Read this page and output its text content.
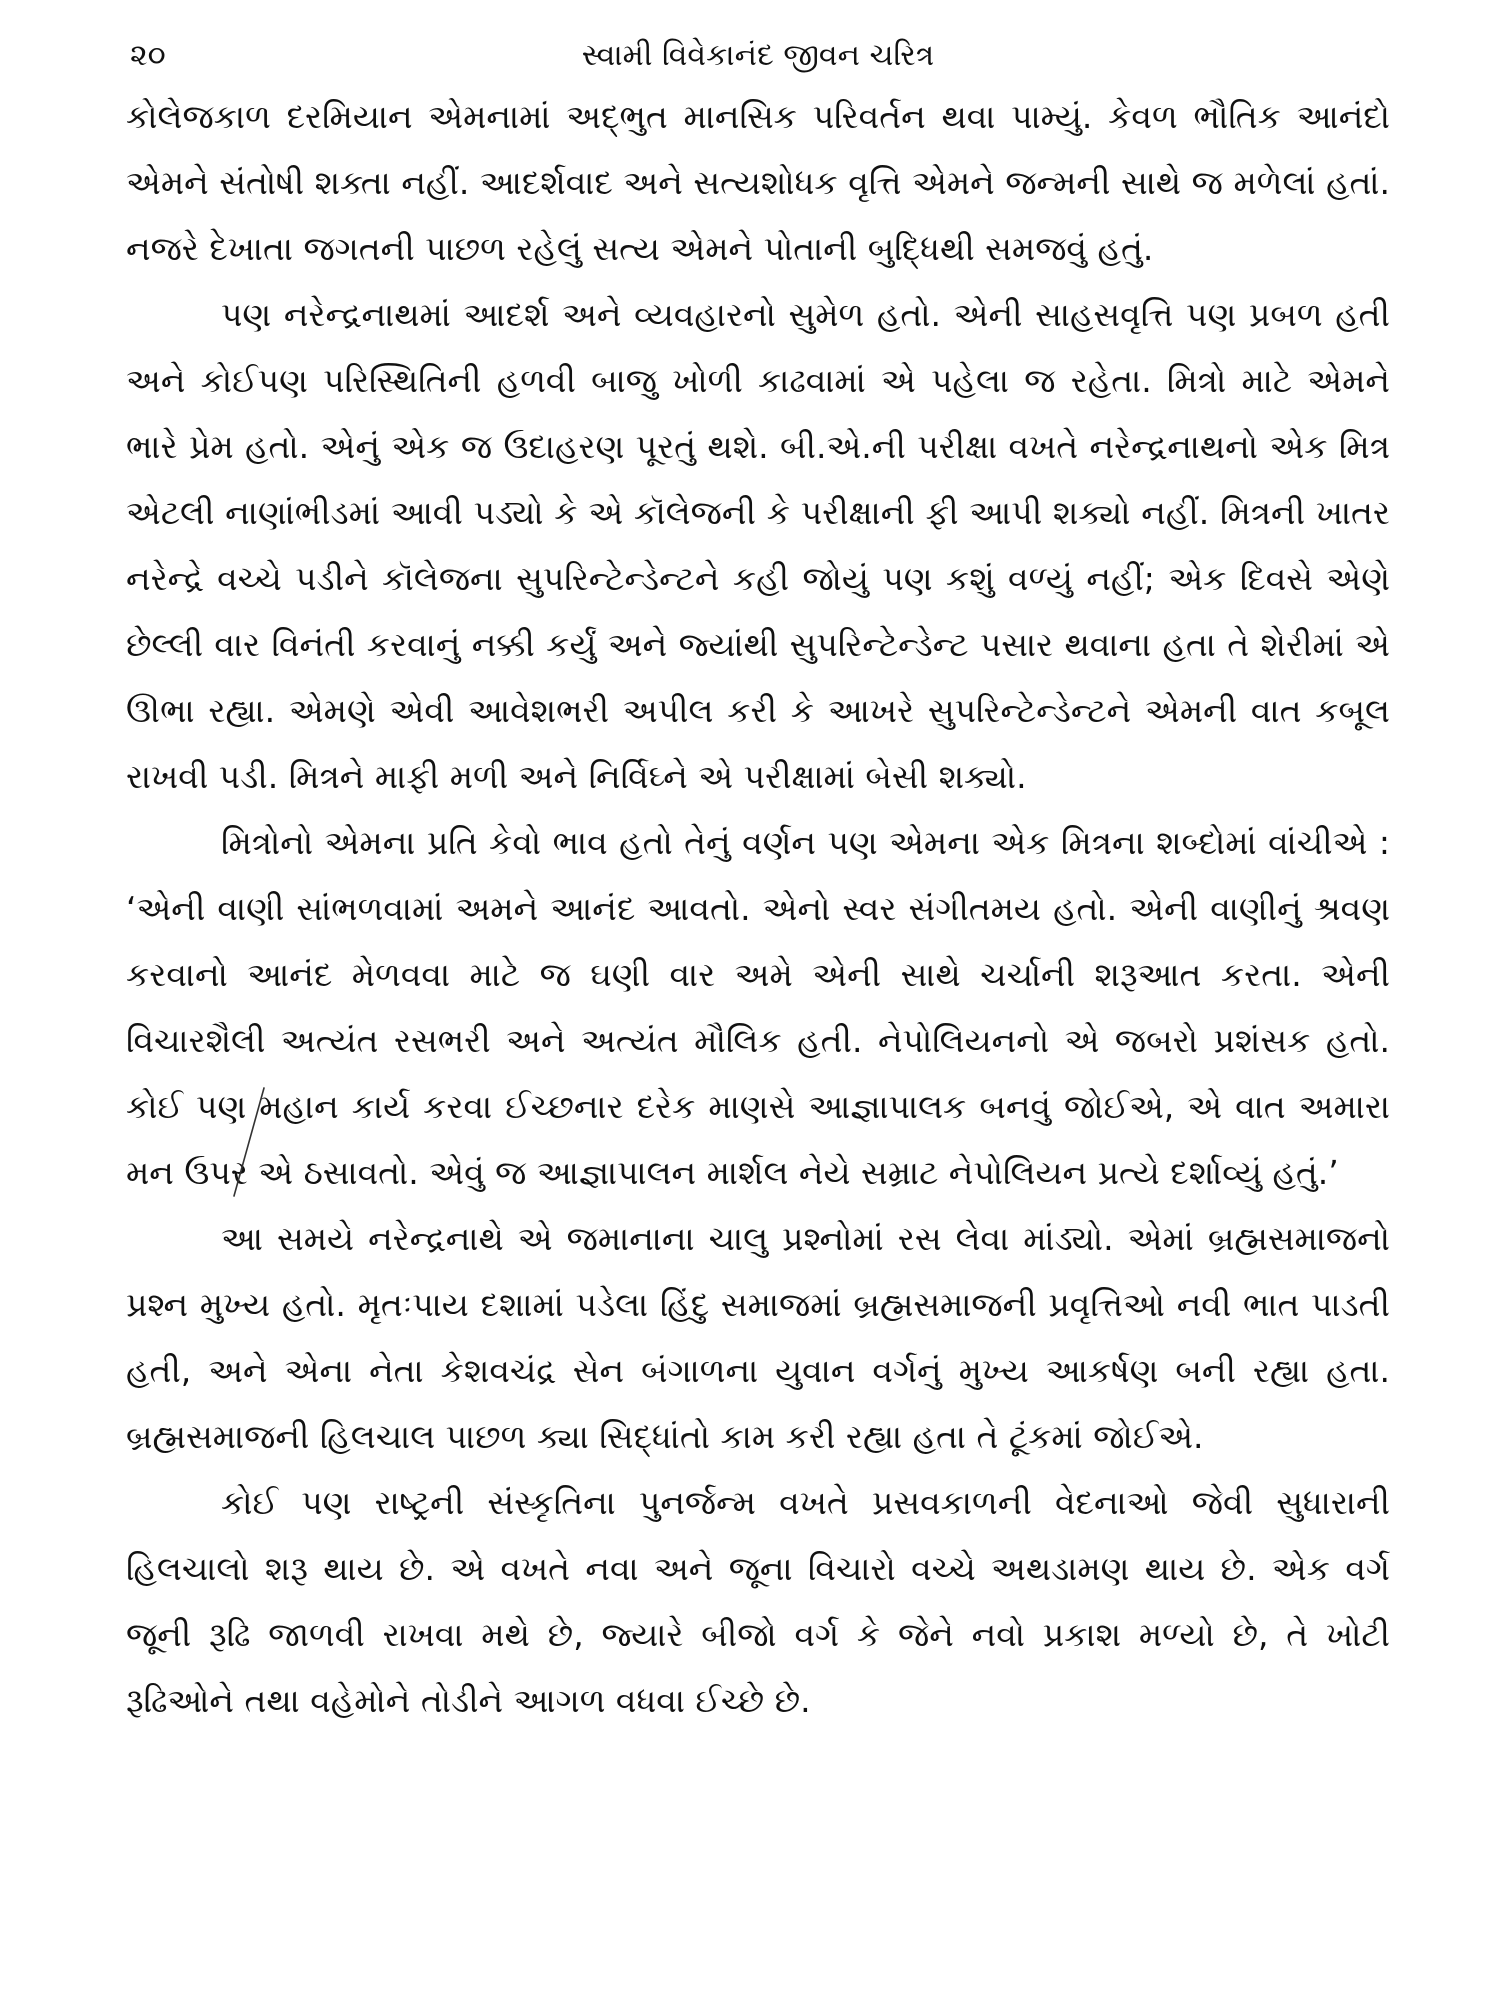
૨૦	સ્વામી વિવેકાનંદ જીવન ચરિત્ર

કોલેજકાળ દરમિયાન એમનામાં અદ્ભુત માનસિક પરિવર્તન થવા પામ્યું. કેવળ ભૌતિક આનંદો એમને સંતોષી શક્તા નહીં. આદર્શવાદ અને સત્યશોધક વૃત્તિ એમને જન્મની સાથે જ મળેલાં હતાં. નજરે દેખાતા જગતની પાછળ રહેલું સત્ય એમને પોતાની બુદ્ધિથી સમજવું હતું.

પણ નરેન્દ્રનાથમાં આદર્શ અને વ્યવહારનો સુમેળ હતો. એની સાહસવૃત્તિ પણ પ્રબળ હતી અને કોઈપણ પરિસ્થિતિની હળવી બાજુ ખોળી કાઢવામાં એ પહેલા જ રહેતા. મિત્રો માટે એમને ભારે પ્રેમ હતો. એનું એક જ ઉદાહરણ પૂરતું થશે. બી.એ.ની પરીક્ષા વખતે નરેન્દ્રનાથનો એક મિત્ર એટલી નાણાંભીડમાં આવી પડ્યો કે એ કૉલેજની કે પરીક્ષાની ફી આપી શક્યો નહીં. મિત્રની ખાતર નરેન્દ્રે વચ્ચે પડીને કૉલેજના સુપરિન્ટેન્ડેન્ટને કહી જોયું પણ કશું વળ્યું નહીં; એક દિવસે એણે છેલ્લી વાર વિનંતી કરવાનું નક્કી કર્યું અને જ્યાંથી સુપરિન્ટેન્ડેન્ટ પસાર થવાના હતા તે શેરીમાં એ ઊભા રહ્યા. એમણે એવી આવેશભરી અપીલ કરી કે આખરે સુપરિન્ટેન્ડેન્ટને એમની વાત કબૂલ રાખવી પડી. મિત્રને માફી મળી અને નિર્વિઘ્ને એ પરીક્ષામાં બેસી શક્યો.

મિત્રોનો એમના પ્રતિ કેવો ભાવ હતો તેનું વર્ણન પણ એમના એક મિત્રના શબ્દોમાં વાંચીએ : ‘એની વાણી સાંભળવામાં અમને આનંદ આવતો. એનો સ્વર સંગીતમય હતો. એની વાણીનું શ્રવણ કરવાનો આનંદ મેળવવા માટે જ ઘણી વાર અમે એની સાથે ચર્ચાની શરૂઆત કરતા. એની વિચારશૈલી અત્યંત રસભરી અને અત્યંત મૌલિક હતી. નેપોલિયનનો એ જબરો પ્રશંસક હતો. કોઈ પણ મહાન કાર્ય કરવા ઈચ્છનાર દરેક માણસે આજ્ઞાપાલક બનવું જોઈએ, એ વાત અમારા મન ઉપર એ ઠસાવતો. એવું જ આજ્ઞાપાલન માર્શલ નેયે સમ્રાટ નેપોલિયન પ્રત્યે દર્શાવ્યું હતું.’

આ સમયે નરેન્દ્રનાથે એ જમાનાના ચાલુ પ્રશ્નોમાં રસ લેવા માંડ્યો. એમાં બ્રહ્મસમાજનો પ્રશ્ન મુખ્ય હતો. મૃતઃપાય દશામાં પડેલા હિંદુ સમાજમાં બ્રહ્મસમાજની પ્રવૃત્તિઓ નવી ભાત પાડતી હતી, અને એના નેતા કેશવચંદ્ર સેન બંગાળના યુવાન વર્ગનું મુખ્ય આકર્ષણ બની રહ્યા હતા. બ્રહ્મસમાજની હિલચાલ પાછળ ક્યા સિદ્ધાંતો કામ કરી રહ્યા હતા તે ટૂંકમાં જોઈએ.

કોઈ પણ રાષ્ટ્રની સંસ્કૃતિના પુનર્જન્મ વખતે પ્રસવકાળની વેદનાઓ જેવી સુધારાની હિલચાલો શરૂ થાય છે. એ વખતે નવા અને જૂના વિચારો વચ્ચે અથડામણ થાય છે. એક વર્ગ જૂની રૂઢિ જાળવી રાખવા મથે છે, જ્યારે બીજો વર્ગ કે જેને નવો પ્રકાશ મળ્યો છે, તે ખોટી રૂઢિઓને તથા વહેમોને તોડીને આગળ વધવા ઈચ્છે છે.
